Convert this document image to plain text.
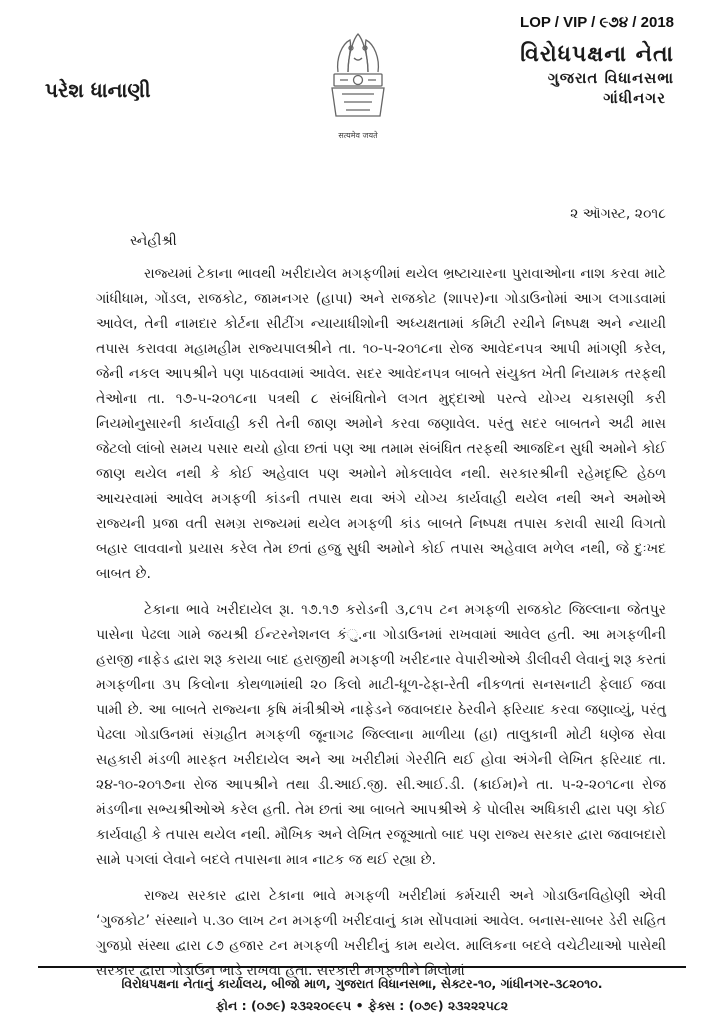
LOP / VIP / ૯૭૪ / 2018
પરેશ ધાનાણી
सत्यमेव जयते
વિરોધપક્ષના નેતા
ગુજરાત વિધાનસભા
ગાંધીનગર
૨ ઑગસ્ટ, ૨૦૧૮
સ્નેહીશ્રી

રાજ્યમાં ટેકાના ભાવથી ખરીદાયેલ મગફળીમાં થયેલ ભ્રષ્ટાચારના પુરાવાઓના નાશ કરવા માટે ગાંધીધામ, ગોંડલ, રાજકોટ, જામનગર (હાપા) અને રાજકોટ (શાપર)ના ગોડાઉનોમાં આગ લગાડવામાં આવેલ, તેની નામદાર કોર્ટના સીટીંગ ન્યાયાધીશોની અધ્યક્ષતામાં કમિટી રચીને નિષ્પક્ષ અને ન્યાયી તપાસ કરાવવા મહામહીમ રાજ્યપાલશ્રીને તા. ૧૦-૫-૨૦૧૮ના રોજ આવેદનપત્ર આપી માંગણી કરેલ, જેની નકલ આપશ્રીને પણ પાઠવવામાં આવેલ. સદર આવેદનપત્ર બાબતે સંયુક્ત ખેતી નિયામક તરફથી તેઓના તા. ૧૭-૫-૨૦૧૮ના પત્રથી ૮ સંબંધિતોને લગત મુદ્દાઓ પરત્વે યોગ્ય ચકાસણી કરી નિયમોનુસારની કાર્યવાહી કરી તેની જાણ અમોને કરવા જણાવેલ. પરંતુ સદર બાબતને અઢી માસ જેટલો લાંબો સમય પસાર થયો હોવા છતાં પણ આ તમામ સંબંધિત તરફથી આજદિન સુધી અમોને કોઈ જાણ થયેલ નથી કે કોઈ અહેવાલ પણ અમોને મોકલાવેલ નથી. સરકારશ્રીની રહેમદૃષ્ટિ હેઠળ આચરવામાં આવેલ મગફળી કાંડની તપાસ થવા અંગે યોગ્ય કાર્યવાહી થયેલ નથી અને અમોએ રાજ્યની પ્રજા વતી સમગ્ર રાજ્યમાં થયેલ મગફળી કાંડ બાબતે નિષ્પક્ષ તપાસ કરાવી સાચી વિગતો બહાર લાવવાનો પ્રયાસ કરેલ તેમ છતાં હજુ સુધી અમોને કોઈ તપાસ અહેવાલ મળેલ નથી, જે દુઃખદ બાબત છે.

ટેકાના ભાવે ખરીદાયેલ રૂા. ૧૭.૧૭ કરોડની ૩,૮૧૫ ટન મગફળી રાજકોટ જિલ્લાના જેતપુર પાસેના પેઢલા ગામે જયશ્રી ઈન્ટરનેશનલ કંુ.ના ગોડાઉનમાં રાખવામાં આવેલ હતી. આ મગફળીની હરાજી નાફેડ દ્વારા શરૂ કરાયા બાદ હરાજીથી મગફળી ખરીદનાર વેપારીઓએ ડીલીવરી લેવાનું શરૂ કરતાં મગફળીના ૩૫ કિલોના કોથળામાંથી ૨૦ કિલો માટી-ધૂળ-ઢેફા-રેતી નીકળતાં સનસનાટી ફેલાઈ જવા પામી છે. આ બાબતે રાજ્યના કૃષિ મંત્રીશ્રીએ નાફેડને જવાબદાર ઠેરવીને ફરિયાદ કરવા જણાવ્યું, પરંતુ પેઢલા ગોડાઉનમાં સંગ્રહીત મગફળી જૂનાગઢ જિલ્લાના માળીયા (હા) તાલુકાની મોટી ધણેજ સેવા સહકારી મંડળી મારફત ખરીદાયેલ અને આ ખરીદીમાં ગેરરીતિ થઈ હોવા અંગેની લેખિત ફરિયાદ તા. ૨૪-૧૦-૨૦૧૭ના રોજ આપશ્રીને તથા ડી.આઈ.જી. સી.આઈ.ડી. (ક્રાઈમ)ને તા. ૫-૨-૨૦૧૮ના રોજ મંડળીના સભ્યશ્રીઓએ કરેલ હતી. તેમ છતાં આ બાબતે આપશ્રીએ કે પોલીસ અધિકારી દ્વારા પણ કોઈ કાર્યવાહી કે તપાસ થયેલ નથી. મૌખિક અને લેખિત રજૂઆતો બાદ પણ રાજ્ય સરકાર દ્વારા જવાબદારો સામે પગલાં લેવાને બદલે તપાસના માત્ર નાટક જ થઈ રહ્યા છે.

રાજ્ય સરકાર દ્વારા ટેકાના ભાવે મગફળી ખરીદીમાં કર્મચારી અને ગોડાઉનવિહોણી એવી ‘ગુજકોટ’ સંસ્થાને ૫.૩૦ લાખ ટન મગફળી ખરીદવાનું કામ સોંપવામાં આવેલ. બનાસ-સાબર ડેરી સહિત ગુજપ્રો સંસ્થા દ્વારા ૮૭ હજાર ટન મગફળી ખરીદીનું કામ થયેલ. માલિકના બદલે વચેટીયાઓ પાસેથી સરકાર દ્વારા ગોડાઉન ભાડે રાખવા હતા. સરકારી મગફળીને મિલોમાં

વિરોધપક્ષના નેતાનું કાર્યાલય, બીજો માળ, ગુજરાત વિધાનસભા, સેક્ટર-૧૦, ગાંધીનગર-૩૮૨૦૧૦.
ફોન : (૦૭૯) ૨૩૨૨૦૯૯૫ • ફેક્સ : (૦૭૯) ૨૩૨૨૨૫૮૨
